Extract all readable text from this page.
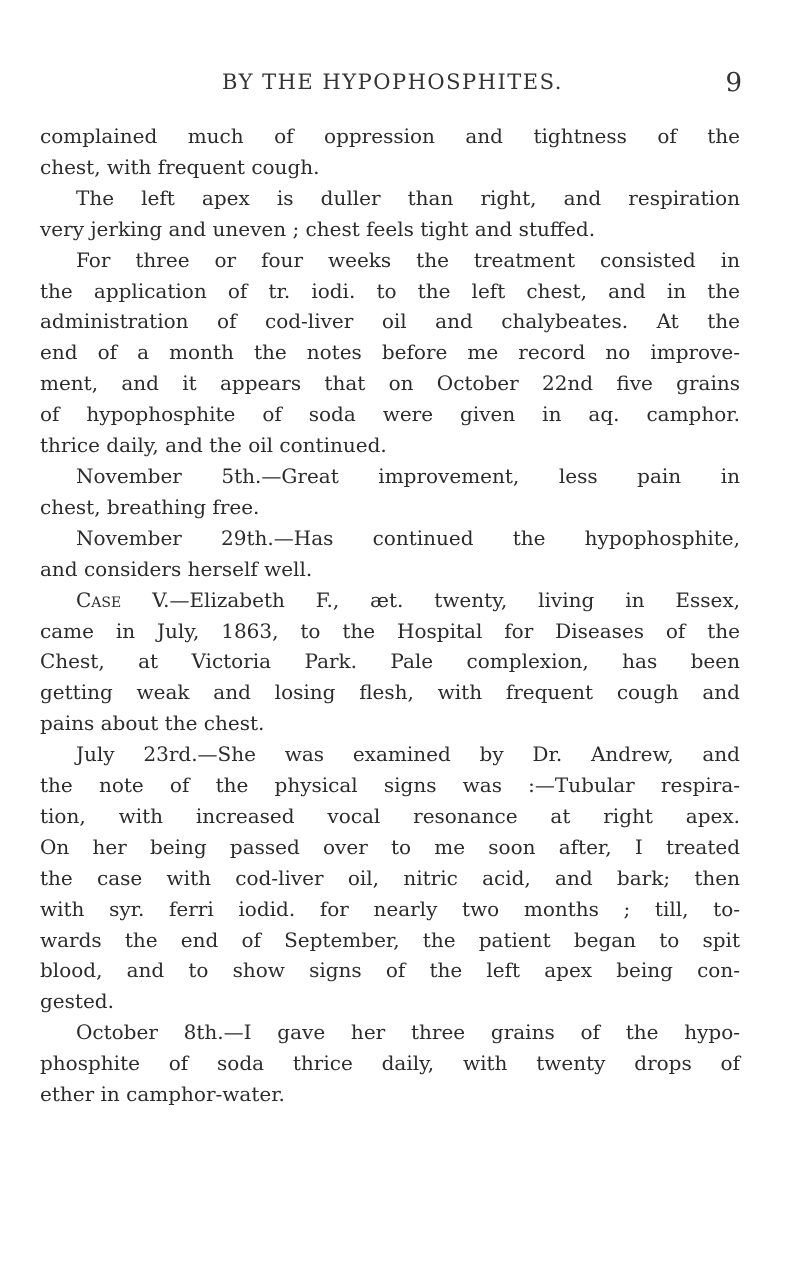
BY THE HYPOPHOSPHITES.	9
complained much of oppression and tightness of the
chest, with frequent cough.
The left apex is duller than right, and respiration
very jerking and uneven ; chest feels tight and stuffed.
For three or four weeks the treatment consisted in
the application of tr. iodi. to the left chest, and in the
administration of cod-liver oil and chalybeates. At the
end of a month the notes before me record no improve-
ment, and it appears that on October 22nd five grains
of hypophosphite of soda were given in aq. camphor.
thrice daily, and the oil continued.
November 5th.—Great improvement, less pain in
chest, breathing free.
November 29th.—Has continued the hypophosphite,
and considers herself well.
Case V.—Elizabeth F., æt. twenty, living in Essex,
came in July, 1863, to the Hospital for Diseases of the
Chest, at Victoria Park. Pale complexion, has been
getting weak and losing flesh, with frequent cough and
pains about the chest.
July 23rd.—She was examined by Dr. Andrew, and
the note of the physical signs was :—Tubular respira-
tion, with increased vocal resonance at right apex.
On her being passed over to me soon after, I treated
the case with cod-liver oil, nitric acid, and bark; then
with syr. ferri iodid. for nearly two months ; till, to-
wards the end of September, the patient began to spit
blood, and to show signs of the left apex being con-
gested.
October 8th.—I gave her three grains of the hypo-
phosphite of soda thrice daily, with twenty drops of
ether in camphor-water.
